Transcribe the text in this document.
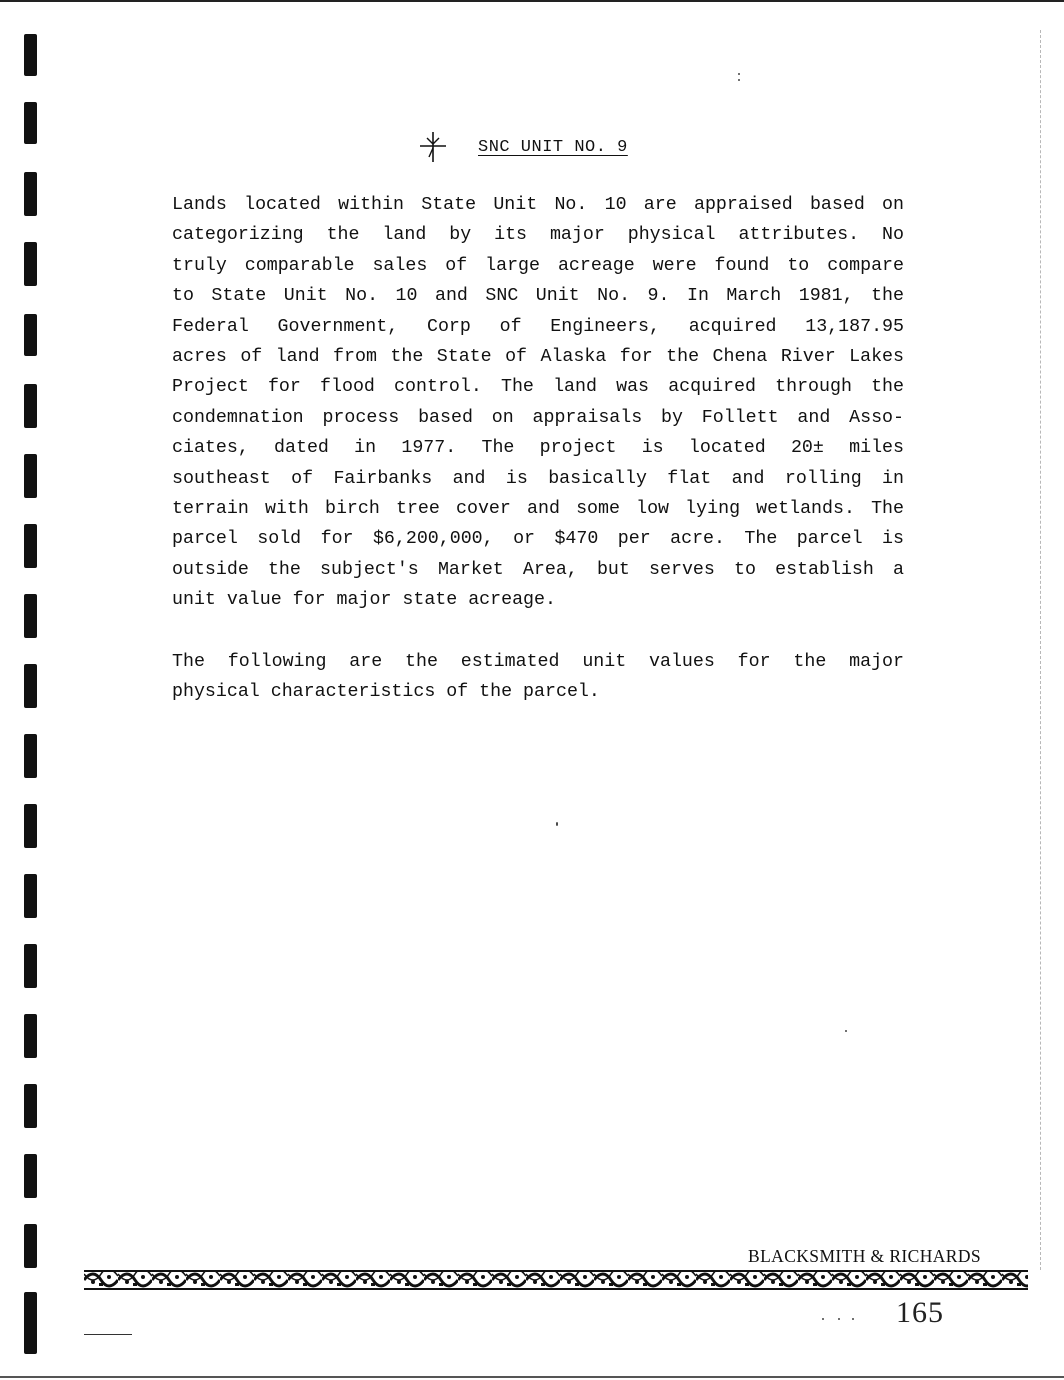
SNC UNIT NO. 9

Lands located within State Unit No. 10 are appraised based on
categorizing the land by its major physical attributes. No
truly comparable sales of large acreage were found to compare
to State Unit No. 10 and SNC Unit No. 9. In March 1981, the
Federal Government, Corp of Engineers, acquired 13,187.95
acres of land from the State of Alaska for the Chena River Lakes
Project for flood control. The land was acquired through the
condemnation process based on appraisals by Follett and Asso-
ciates, dated in 1977. The project is located 20± miles
southeast of Fairbanks and is basically flat and rolling in
terrain with birch tree cover and some low lying wetlands. The
parcel sold for $6,200,000, or $470 per acre. The parcel is
outside the subject's Market Area, but serves to establish a
unit value for major state acreage.

The following are the estimated unit values for the major
physical characteristics of the parcel.

BLACKSMITH & RICHARDS
165
